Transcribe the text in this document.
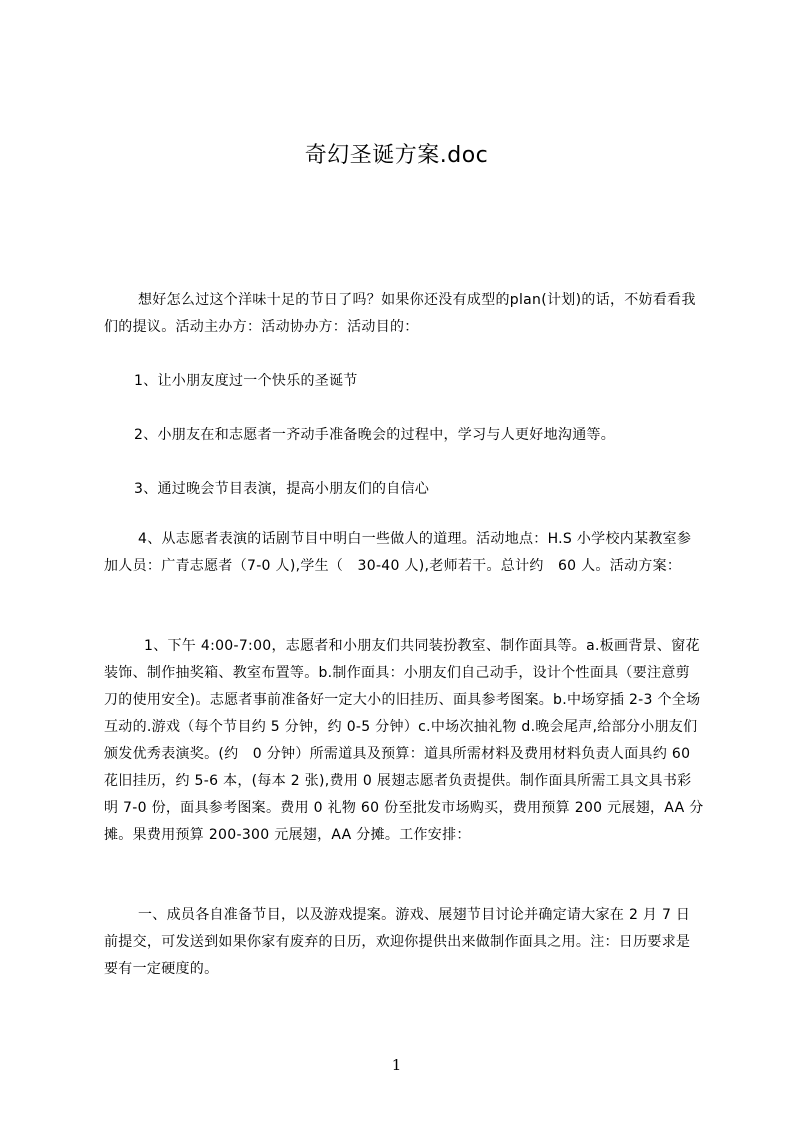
奇幻圣诞方案.doc

想好怎么过这个洋味十足的节日了吗？如果你还没有成型的plan(计划)的话，不妨看看我们的提议。活动主办方：活动协办方：活动目的：

1、让小朋友度过一个快乐的圣诞节

2、小朋友在和志愿者一齐动手准备晚会的过程中，学习与人更好地沟通等。

3、通过晚会节目表演，提高小朋友们的自信心

4、从志愿者表演的话剧节目中明白一些做人的道理。活动地点：H.S 小学校内某教室参加人员：广青志愿者（7-0 人),学生（　30-40 人),老师若干。总计约　60 人。活动方案：

1、下午 4:00-7:00，志愿者和小朋友们共同装扮教室、制作面具等。a.板画背景、窗花装饰、制作抽奖箱、教室布置等。b.制作面具：小朋友们自己动手，设计个性面具（要注意剪刀的使用安全)。志愿者事前准备好一定大小的旧挂历、面具参考图案。b.中场穿插 2-3 个全场互动的.游戏（每个节目约 5 分钟，约 0-5 分钟）c.中场次抽礼物 d.晚会尾声,给部分小朋友们颁发优秀表演奖。(约　0 分钟）所需道具及预算：道具所需材料及费用材料负责人面具约 60 花旧挂历，约 5-6 本，(每本 2 张),费用 0 展翅志愿者负责提供。制作面具所需工具文具书彩明 7-0 份，面具参考图案。费用 0 礼物 60 份至批发市场购买，费用预算 200 元展翅，AA 分摊。果费用预算 200-300 元展翅，AA 分摊。工作安排：

一、成员各自准备节目，以及游戏提案。游戏、展翅节目讨论并确定请大家在 2 月 7 日前提交，可发送到如果你家有废弃的日历，欢迎你提供出来做制作面具之用。注：日历要求是要有一定硬度的。

1
